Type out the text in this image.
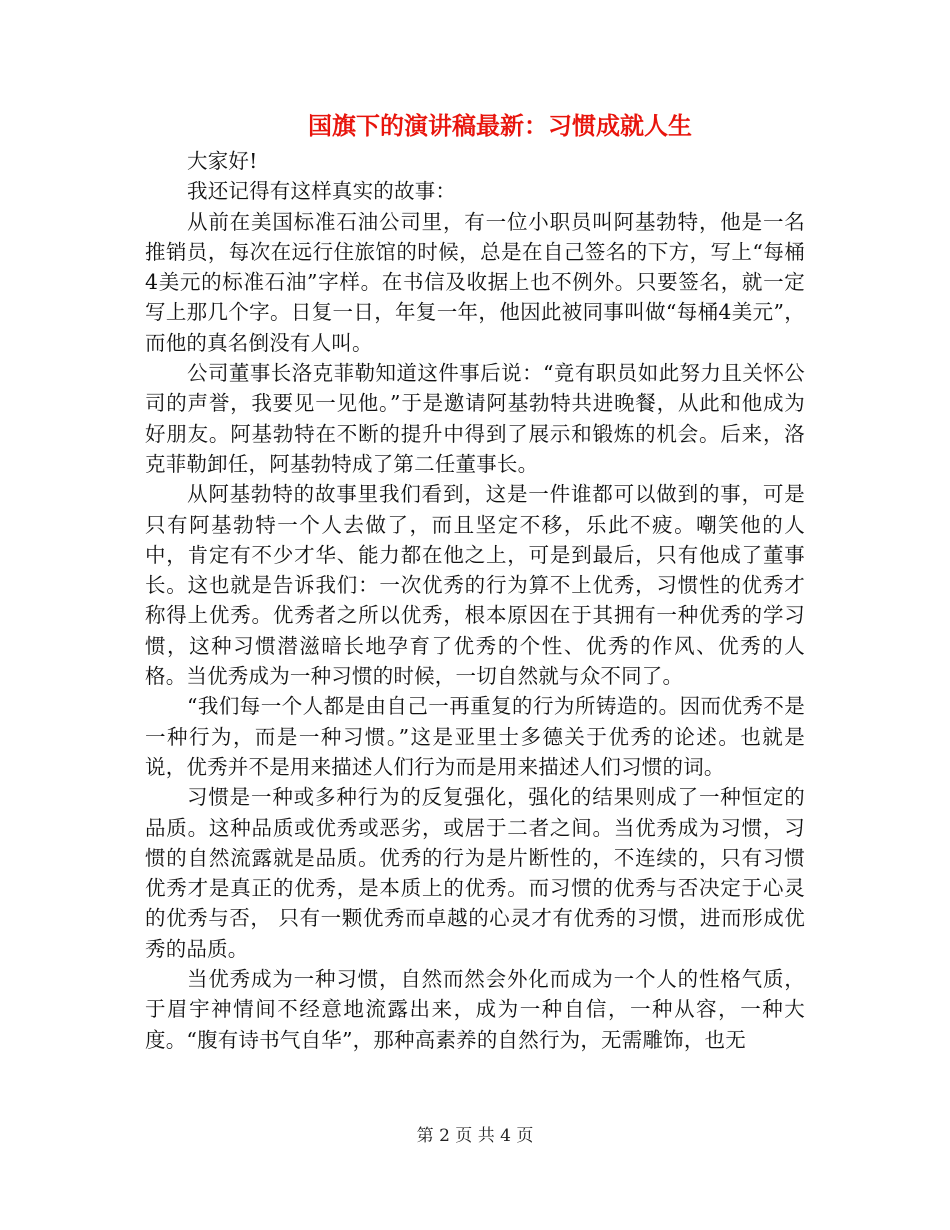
国旗下的演讲稿最新：习惯成就人生

大家好!

我还记得有这样真实的故事：

从前在美国标准石油公司里，有一位小职员叫阿基勃特，他是一名推销员，每次在远行住旅馆的时候，总是在自己签名的下方，写上“每桶4美元的标准石油”字样。在书信及收据上也不例外。只要签名，就一定写上那几个字。日复一日，年复一年，他因此被同事叫做“每桶4美元”，而他的真名倒没有人叫。

公司董事长洛克菲勒知道这件事后说：“竟有职员如此努力且关怀公司的声誉，我要见一见他。”于是邀请阿基勃特共进晚餐，从此和他成为好朋友。阿基勃特在不断的提升中得到了展示和锻炼的机会。后来，洛克菲勒卸任，阿基勃特成了第二任董事长。

从阿基勃特的故事里我们看到，这是一件谁都可以做到的事，可是只有阿基勃特一个人去做了，而且坚定不移，乐此不疲。嘲笑他的人中，肯定有不少才华、能力都在他之上，可是到最后，只有他成了董事长。这也就是告诉我们：一次优秀的行为算不上优秀，习惯性的优秀才称得上优秀。优秀者之所以优秀，根本原因在于其拥有一种优秀的学习惯，这种习惯潜滋暗长地孕育了优秀的个性、优秀的作风、优秀的人格。当优秀成为一种习惯的时候，一切自然就与众不同了。

“我们每一个人都是由自己一再重复的行为所铸造的。因而优秀不是一种行为，而是一种习惯。”这是亚里士多德关于优秀的论述。也就是说，优秀并不是用来描述人们行为而是用来描述人们习惯的词。

习惯是一种或多种行为的反复强化，强化的结果则成了一种恒定的品质。这种品质或优秀或恶劣，或居于二者之间。当优秀成为习惯，习惯的自然流露就是品质。优秀的行为是片断性的，不连续的，只有习惯优秀才是真正的优秀，是本质上的优秀。而习惯的优秀与否决定于心灵的优秀与否， 只有一颗优秀而卓越的心灵才有优秀的习惯，进而形成优秀的品质。

当优秀成为一种习惯，自然而然会外化而成为一个人的性格气质，于眉宇神情间不经意地流露出来，成为一种自信，一种从容，一种大度。“腹有诗书气自华”，那种高素养的自然行为，无需雕饰，也无

第 2 页 共 4 页
